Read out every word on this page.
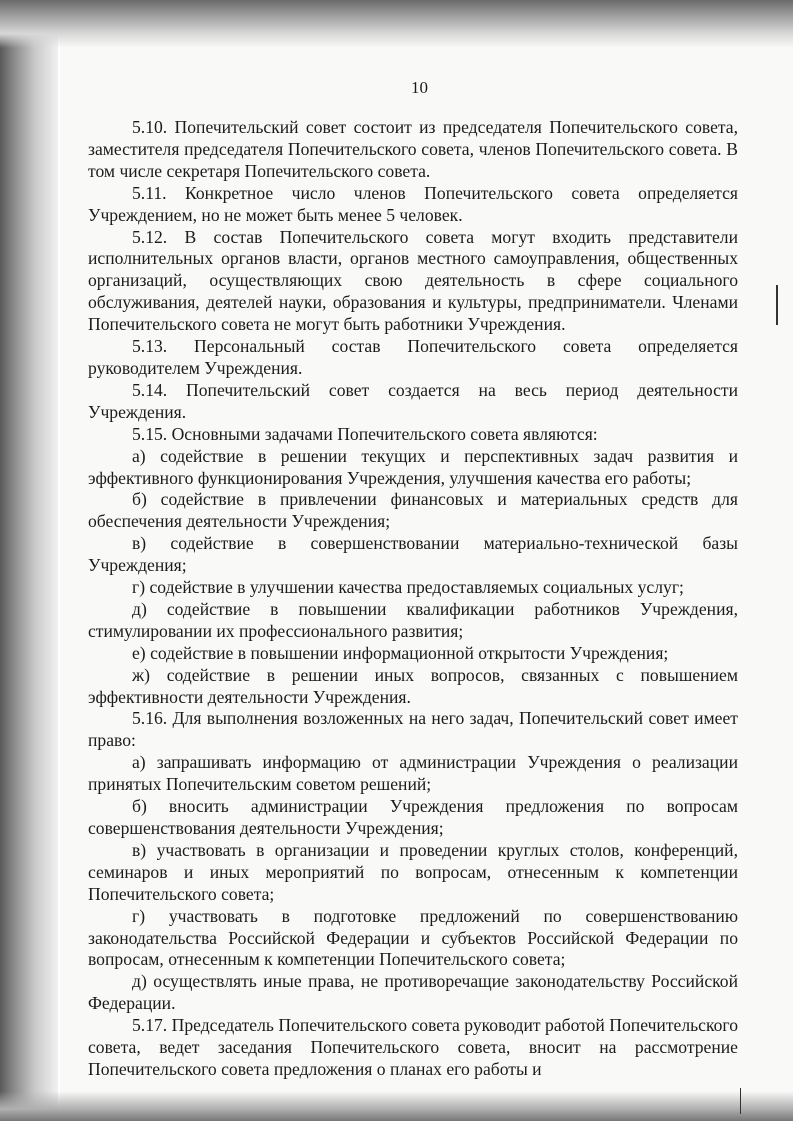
10

5.10. Попечительский совет состоит из председателя Попечительского совета, заместителя председателя Попечительского совета, членов Попечительского совета. В том числе секретаря Попечительского совета.

5.11. Конкретное число членов Попечительского совета определяется Учреждением, но не может быть менее 5 человек.

5.12. В состав Попечительского совета могут входить представители исполнительных органов власти, органов местного самоуправления, общественных организаций, осуществляющих свою деятельность в сфере социального обслуживания, деятелей науки, образования и культуры, предприниматели. Членами Попечительского совета не могут быть работники Учреждения.

5.13. Персональный состав Попечительского совета определяется руководителем Учреждения.

5.14. Попечительский совет создается на весь период деятельности Учреждения.

5.15. Основными задачами Попечительского совета являются:

а) содействие в решении текущих и перспективных задач развития и эффективного функционирования Учреждения, улучшения качества его работы;

б) содействие в привлечении финансовых и материальных средств для обеспечения деятельности Учреждения;

в) содействие в совершенствовании материально-технической базы Учреждения;

г) содействие в улучшении качества предоставляемых социальных услуг;

д) содействие в повышении квалификации работников Учреждения, стимулировании их профессионального развития;

е) содействие в повышении информационной открытости Учреждения;

ж) содействие в решении иных вопросов, связанных с повышением эффективности деятельности Учреждения.

5.16. Для выполнения возложенных на него задач, Попечительский совет имеет право:

а) запрашивать информацию от администрации Учреждения о реализации принятых Попечительским советом решений;

б) вносить администрации Учреждения предложения по вопросам совершенствования деятельности Учреждения;

в) участвовать в организации и проведении круглых столов, конференций, семинаров и иных мероприятий по вопросам, отнесенным к компетенции Попечительского совета;

г) участвовать в подготовке предложений по совершенствованию законодательства Российской Федерации и субъектов Российской Федерации по вопросам, отнесенным к компетенции Попечительского совета;

д) осуществлять иные права, не противоречащие законодательству Российской Федерации.

5.17. Председатель Попечительского совета руководит работой Попечительского совета, ведет заседания Попечительского совета, вносит на рассмотрение Попечительского совета предложения о планах его работы и
